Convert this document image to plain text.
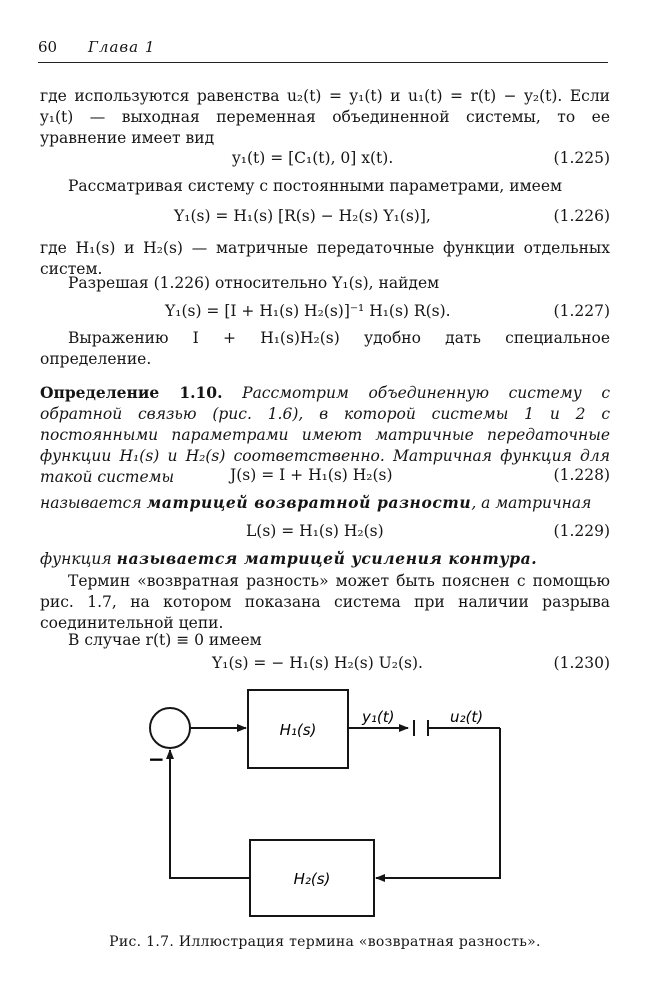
60 Глава 1
где используются равенства u₂(t) = y₁(t) и u₁(t) = r(t) − y₂(t). Если y₁(t) — выходная переменная объединенной системы, то ее уравнение имеет вид
y₁(t) = [C₁(t), 0] x(t).	(1.225)
Рассматривая систему с постоянными параметрами, имеем
Y₁(s) = H₁(s) [R(s) − H₂(s) Y₁(s)],	(1.226)
где H₁(s) и H₂(s) — матричные передаточные функции отдельных систем.
Разрешая (1.226) относительно Y₁(s), найдем
Y₁(s) = [I + H₁(s) H₂(s)]⁻¹ H₁(s) R(s).	(1.227)
Выражению I + H₁(s)H₂(s) удобно дать специальное определение.
Определение 1.10. Рассмотрим объединенную систему с обратной связью (рис. 1.6), в которой системы 1 и 2 с постоянными параметрами имеют матричные передаточные функции H₁(s) и H₂(s) соответственно. Матричная функция для такой системы	J(s) = I + H₁(s) H₂(s)	(1.228)
называется матрицей возвратной разности, а матричная
L(s) = H₁(s) H₂(s)	(1.229)
функция называется матрицей усиления контура.
Термин «возвратная разность» может быть пояснен с помощью рис. 1.7, на котором показана система при наличии разрыва соединительной цепи.
В случае r(t) ≡ 0 имеем
Y₁(s) = − H₁(s) H₂(s) U₂(s).	(1.230)
H₁(s)
y₁(t)	u₂(t)
H₂(s)
−
Рис. 1.7. Иллюстрация термина «возвратная разность».
